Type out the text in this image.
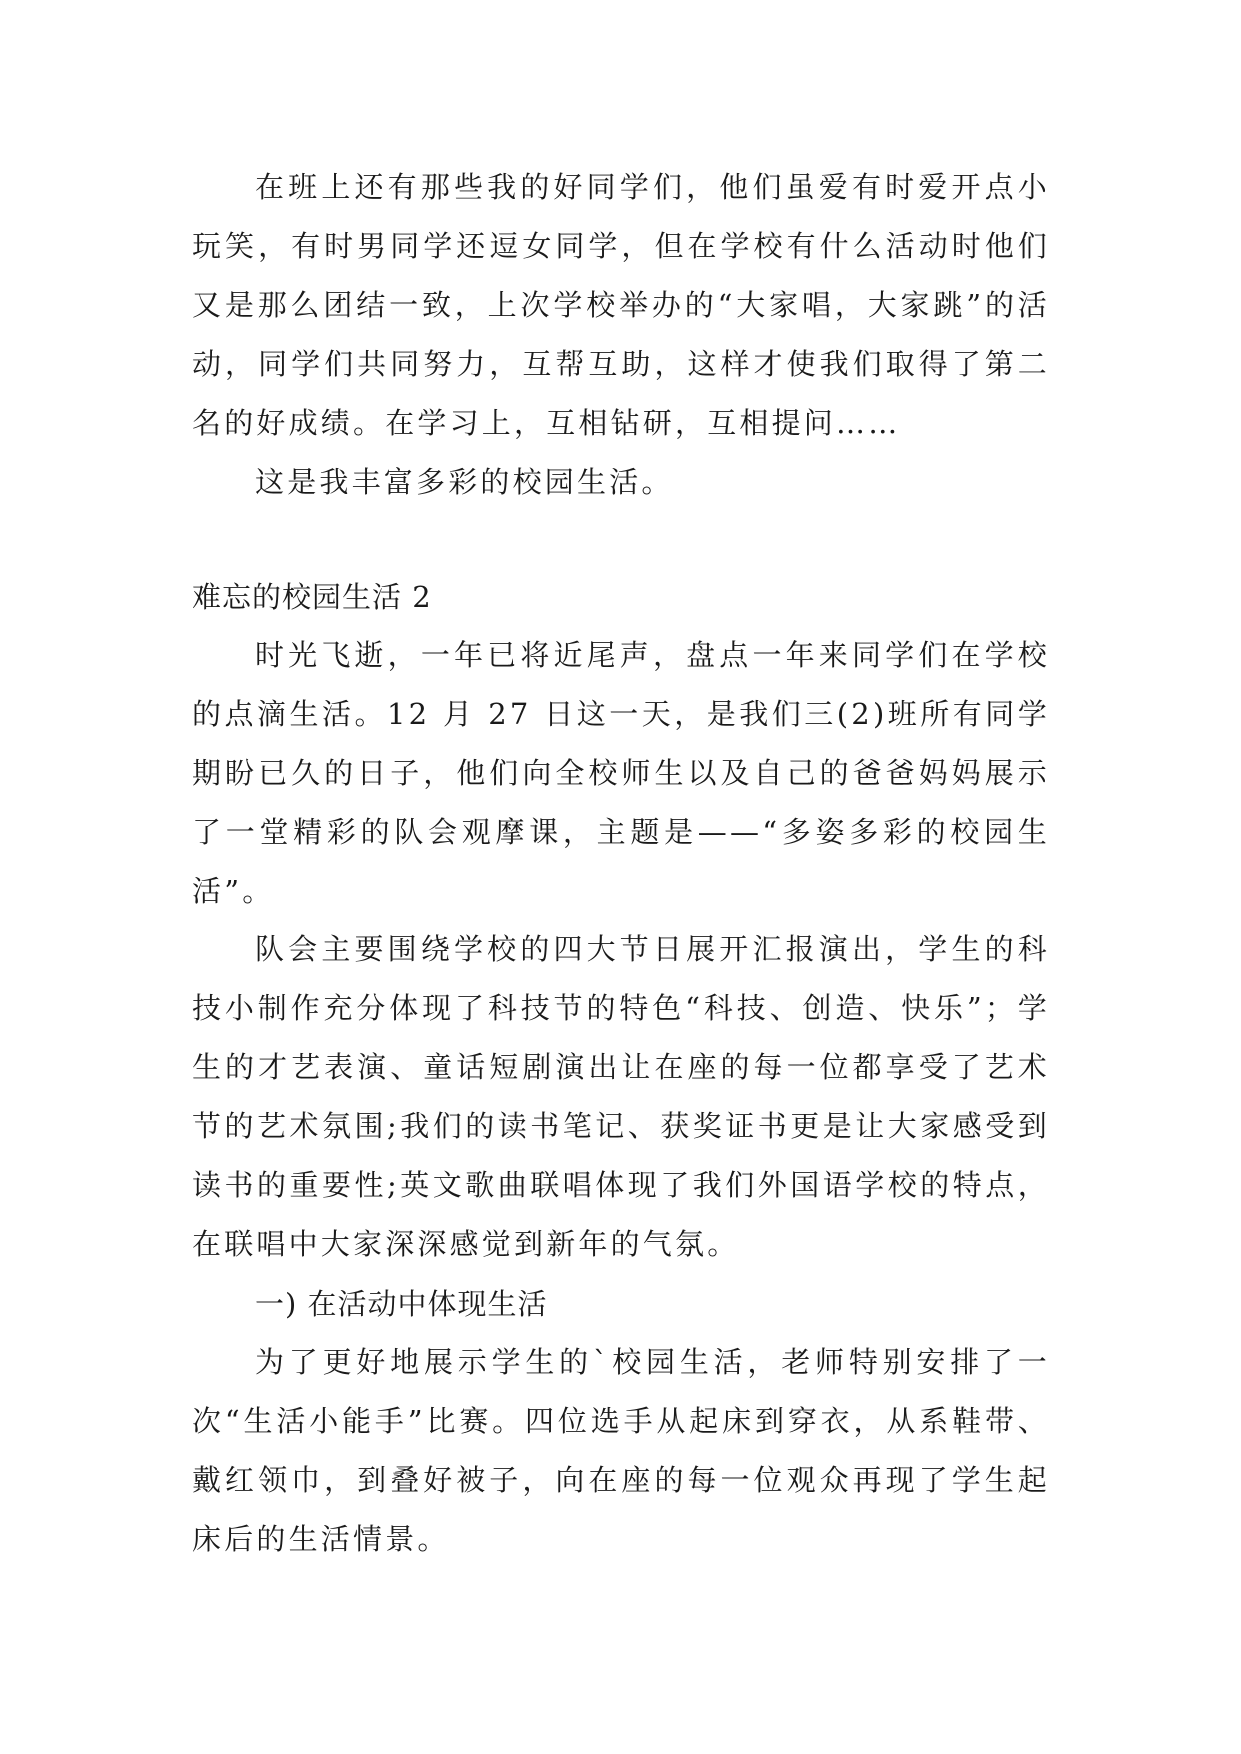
在班上还有那些我的好同学们，他们虽爱有时爱开点小玩笑，有时男同学还逗女同学，但在学校有什么活动时他们又是那么团结一致，上次学校举办的“大家唱，大家跳”的活动，同学们共同努力，互帮互助，这样才使我们取得了第二名的好成绩。在学习上，互相钻研，互相提问……

这是我丰富多彩的校园生活。

难忘的校园生活 2

时光飞逝，一年已将近尾声，盘点一年来同学们在学校的点滴生活。12 月 27 日这一天，是我们三(2)班所有同学期盼已久的日子，他们向全校师生以及自己的爸爸妈妈展示了一堂精彩的队会观摩课，主题是——“多姿多彩的校园生活”。

队会主要围绕学校的四大节日展开汇报演出，学生的科技小制作充分体现了科技节的特色“科技、创造、快乐”；学生的才艺表演、童话短剧演出让在座的每一位都享受了艺术节的艺术氛围;我们的读书笔记、获奖证书更是让大家感受到读书的重要性;英文歌曲联唱体现了我们外国语学校的特点，在联唱中大家深深感觉到新年的气氛。

一) 在活动中体现生活

为了更好地展示学生的`校园生活，老师特别安排了一次“生活小能手”比赛。四位选手从起床到穿衣，从系鞋带、戴红领巾，到叠好被子，向在座的每一位观众再现了学生起床后的生活情景。
